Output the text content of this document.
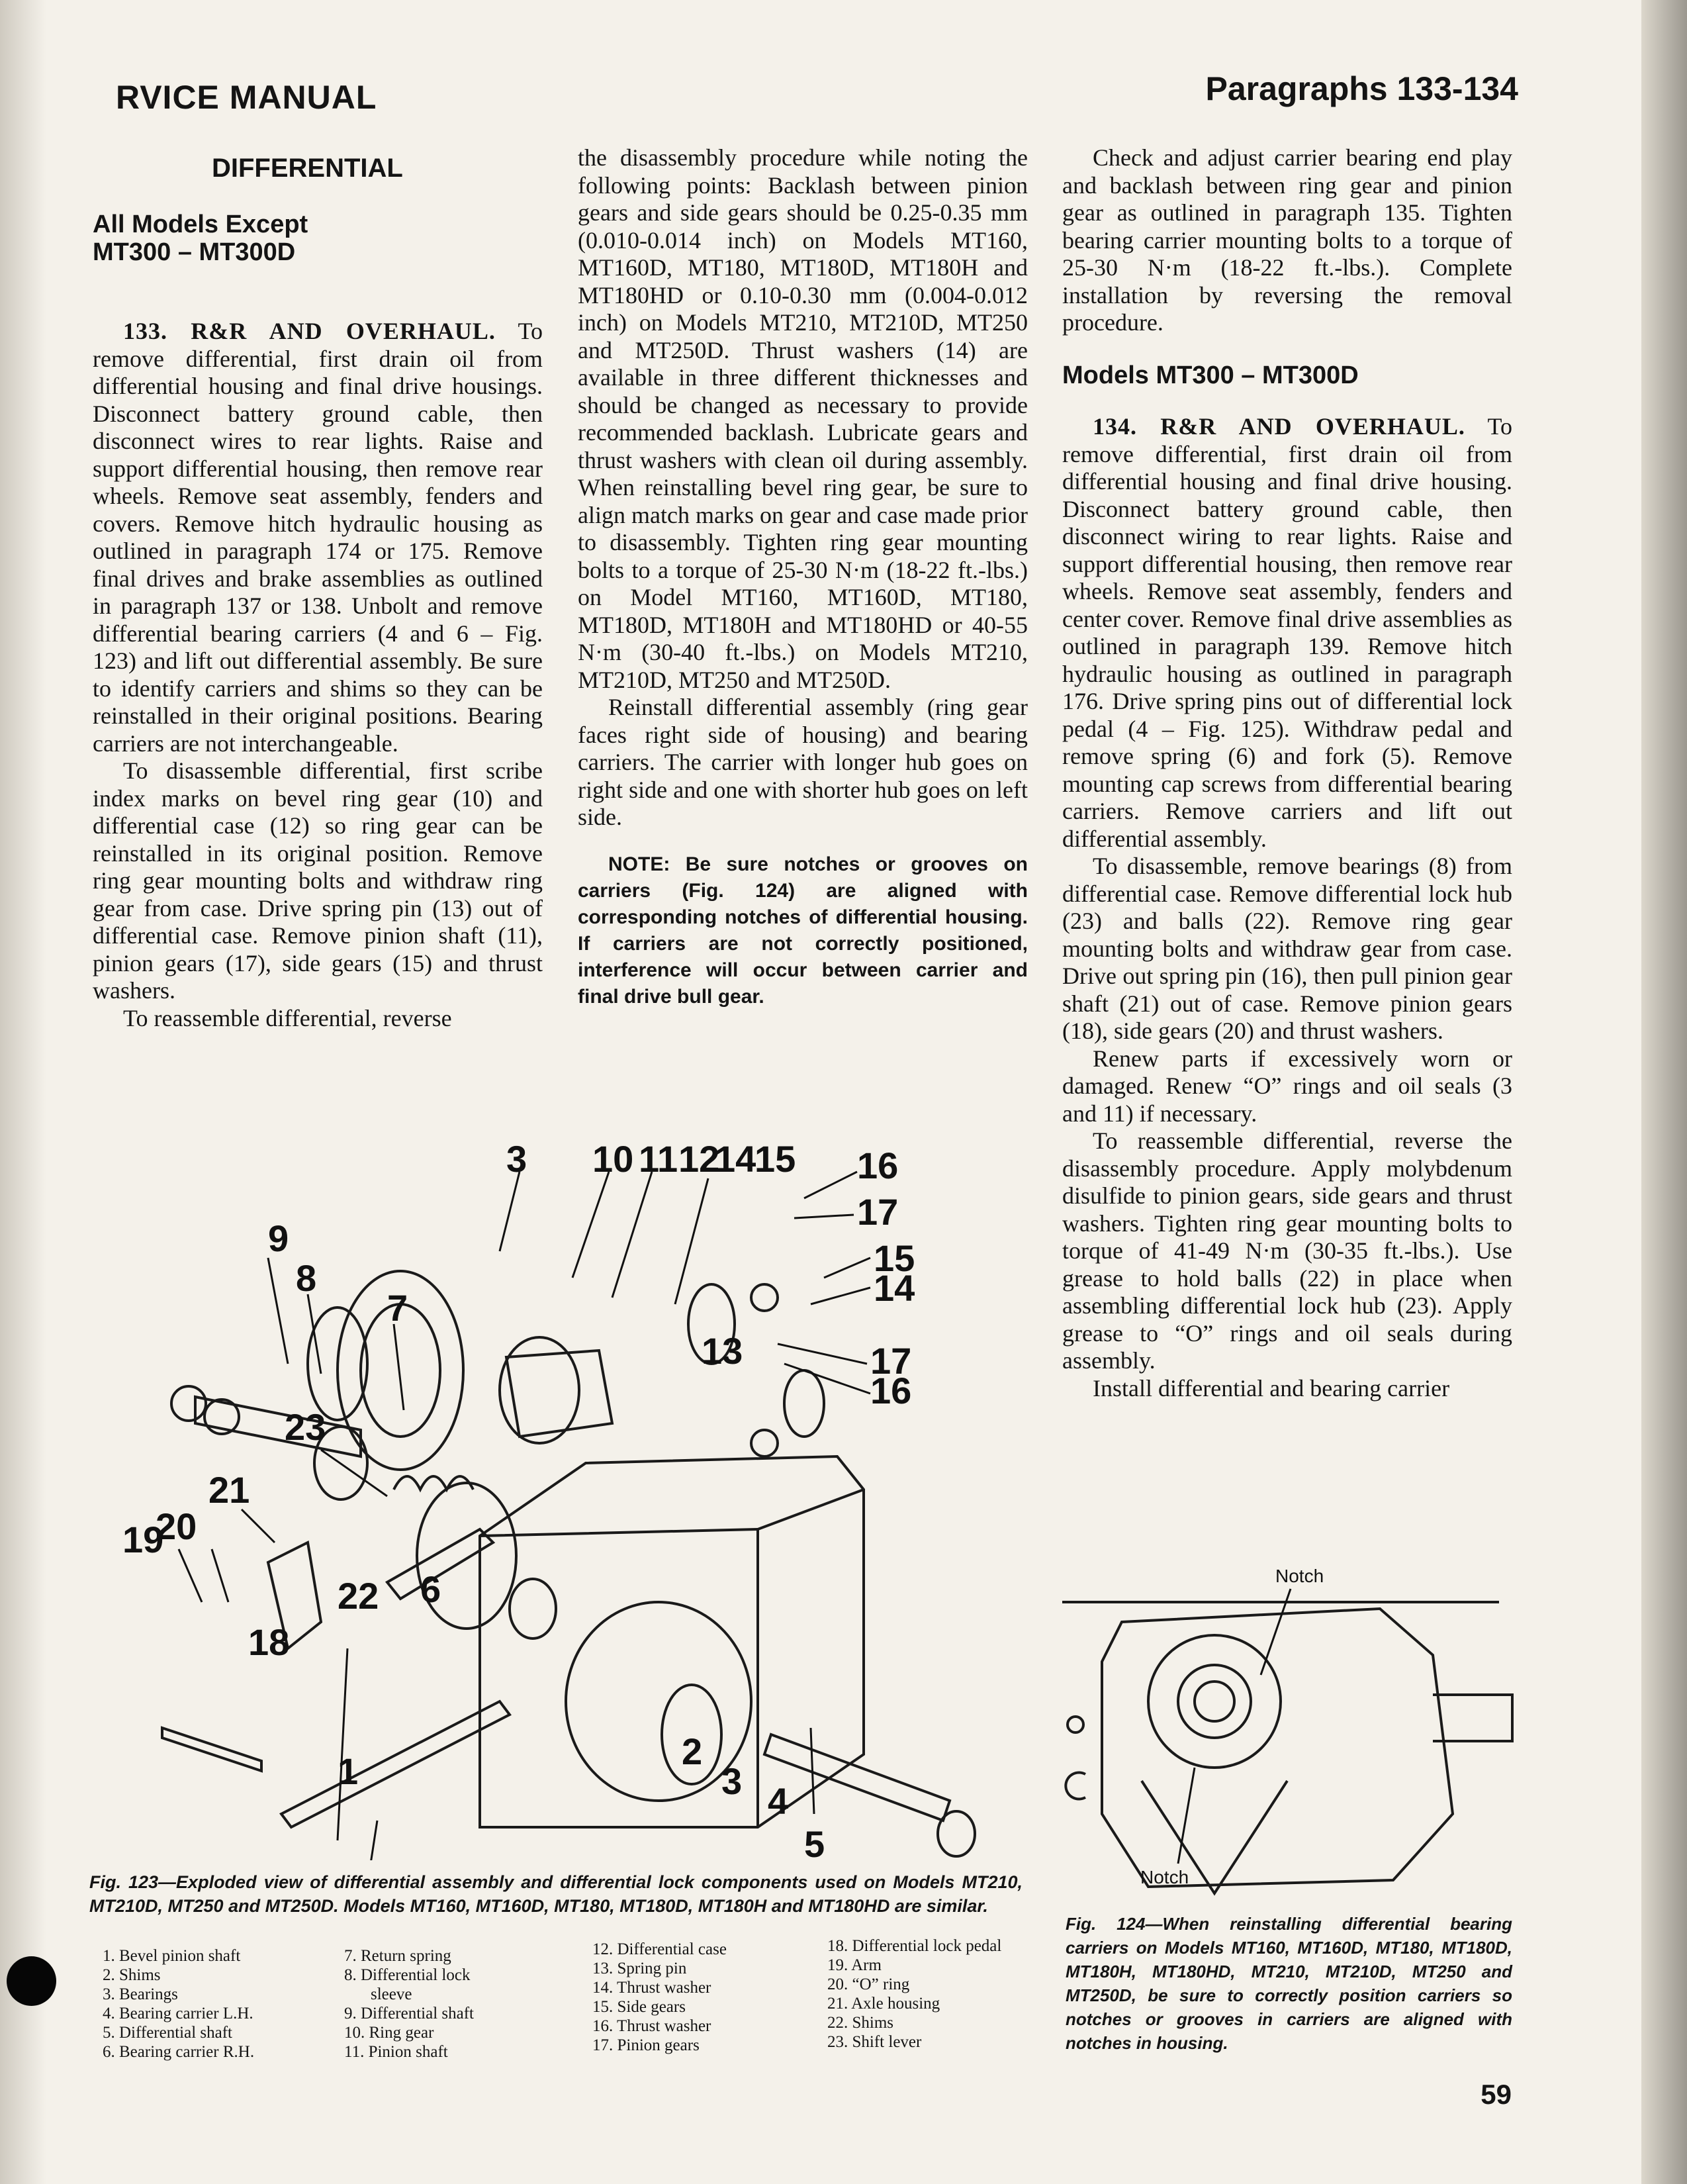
RVICE MANUAL	Paragraphs 133-134
DIFFERENTIAL
All Models Except
MT300 – MT300D

133. R&R AND OVERHAUL. To remove differential, first drain oil from differential housing and final drive housings. Disconnect battery ground cable, then disconnect wires to rear lights. Raise and support differential housing, then remove rear wheels. Remove seat assembly, fenders and covers. Remove hitch hydraulic housing as outlined in paragraph 174 or 175. Remove final drives and brake assemblies as outlined in paragraph 137 or 138. Unbolt and remove differential bearing carriers (4 and 6 – Fig. 123) and lift out differential assembly. Be sure to identify carriers and shims so they can be reinstalled in their original positions. Bearing carriers are not interchangeable.

To disassemble differential, first scribe index marks on bevel ring gear (10) and differential case (12) so ring gear can be reinstalled in its original position. Remove ring gear mounting bolts and withdraw ring gear from case. Drive spring pin (13) out of differential case. Remove pinion shaft (11), pinion gears (17), side gears (15) and thrust washers.

To reassemble differential, reverse

the disassembly procedure while noting the following points: Backlash between pinion gears and side gears should be 0.25-0.35 mm (0.010-0.014 inch) on Models MT160, MT160D, MT180, MT180D, MT180H and MT180HD or 0.10-0.30 mm (0.004-0.012 inch) on Models MT210, MT210D, MT250 and MT250D. Thrust washers (14) are available in three different thicknesses and should be changed as necessary to provide recommended backlash. Lubricate gears and thrust washers with clean oil during assembly. When reinstalling bevel ring gear, be sure to align match marks on gear and case made prior to disassembly. Tighten ring gear mounting bolts to a torque of 25-30 N·m (18-22 ft.-lbs.) on Model MT160, MT160D, MT180, MT180D, MT180H and MT180HD or 40-55 N·m (30-40 ft.-lbs.) on Models MT210, MT210D, MT250 and MT250D.

Reinstall differential assembly (ring gear faces right side of housing) and bearing carriers. The carrier with longer hub goes on right side and one with shorter hub goes on left side.

NOTE: Be sure notches or grooves on carriers (Fig. 124) are aligned with corresponding notches of differential housing. If carriers are not correctly positioned, interference will occur between carrier and final drive bull gear.

Check and adjust carrier bearing end play and backlash between ring gear and pinion gear as outlined in paragraph 135. Tighten bearing carrier mounting bolts to a torque of 25-30 N·m (18-22 ft.-lbs.). Complete installation by reversing the removal procedure.

Models MT300 – MT300D

134. R&R AND OVERHAUL. To remove differential, first drain oil from differential housing and final drive housing. Disconnect battery ground cable, then disconnect wiring to rear lights. Raise and support differential housing, then remove rear wheels. Remove seat assembly, fenders and center cover. Remove final drive assemblies as outlined in paragraph 139. Remove hitch hydraulic housing as outlined in paragraph 176. Drive spring pins out of differential lock pedal (4 – Fig. 125). Withdraw pedal and remove spring (6) and fork (5). Remove mounting cap screws from differential bearing carriers. Remove carriers and lift out differential assembly.

To disassemble, remove bearings (8) from differential case. Remove differential lock hub (23) and balls (22). Remove ring gear mounting bolts and withdraw gear from case. Drive out spring pin (16), then pull pinion gear shaft (21) out of case. Remove pinion gears (18), side gears (20) and thrust washers.

Renew parts if excessively worn or damaged. Renew “O” rings and oil seals (3 and 11) if necessary.

To reassemble differential, reverse the disassembly procedure. Apply molybdenum disulfide to pinion gears, side gears and thrust washers. Tighten ring gear mounting bolts to torque of 41-49 N·m (30-35 ft.-lbs.). Use grease to hold balls (22) in place when assembling differential lock hub (23). Apply grease to “O” rings and oil seals during assembly.

Install differential and bearing carrier

3 10 11 12
14
15 16
17
15
14
13	17
16
9
8
7
23
21
20
19
22 6
18
1	2
3 4
5
Fig. 123—Exploded view of differential assembly and differential lock components used on Models MT210, MT210D, MT250 and MT250D. Models MT160, MT160D, MT180, MT180D, MT180H and MT180HD are similar.
1. Bevel pinion shaft
2. Shims
3. Bearings
4. Bearing carrier L.H.
5. Differential shaft
6. Bearing carrier R.H.
7. Return spring
8. Differential lock
sleeve
9. Differential shaft
10. Ring gear
11. Pinion shaft
12. Differential case
13. Spring pin
14. Thrust washer
15. Side gears
16. Thrust washer
17. Pinion gears
18. Differential lock pedal
19. Arm
20. “O” ring
21. Axle housing
22. Shims
23. Shift lever
Notch
Notch
Fig. 124—When reinstalling differential bearing carriers on Models MT160, MT160D, MT180, MT180D, MT180H, MT180HD, MT210, MT210D, MT250 and MT250D, be sure to correctly position carriers so notches or grooves in carriers are aligned with notches in housing.
59
